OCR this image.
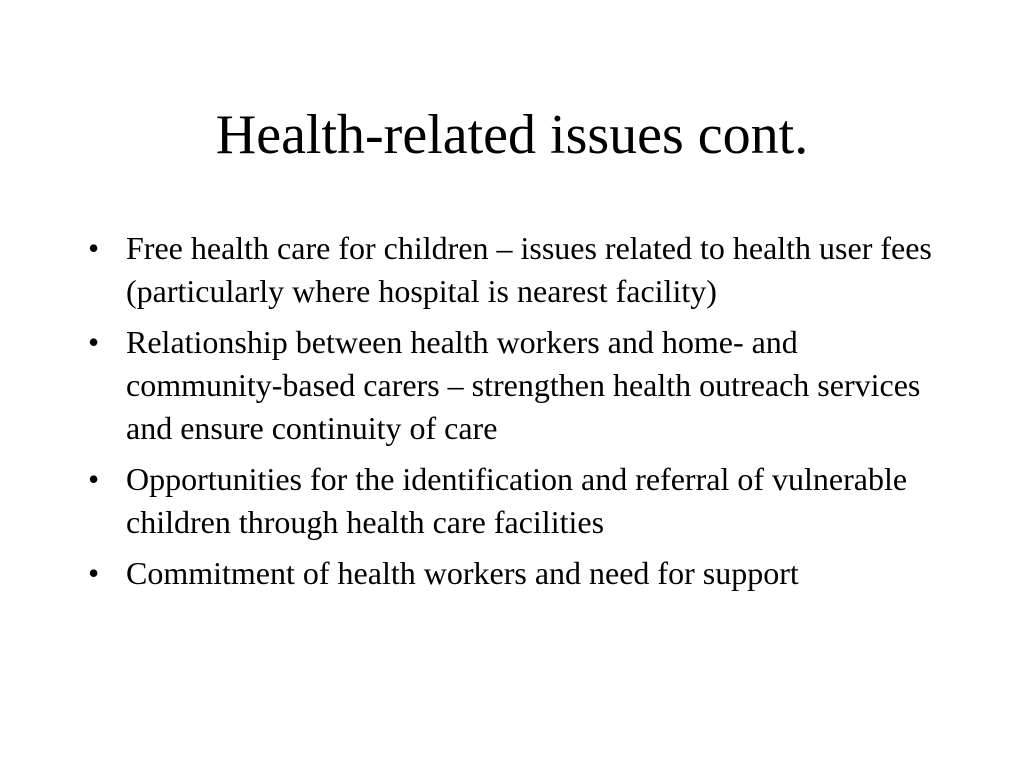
Health-related issues cont.
• Free health care for children – issues related to health user fees (particularly where hospital is nearest facility)
• Relationship between health workers and home- and community-based carers – strengthen health outreach services and ensure continuity of care
• Opportunities for the identification and referral of vulnerable children through health care facilities
• Commitment of health workers and need for support
